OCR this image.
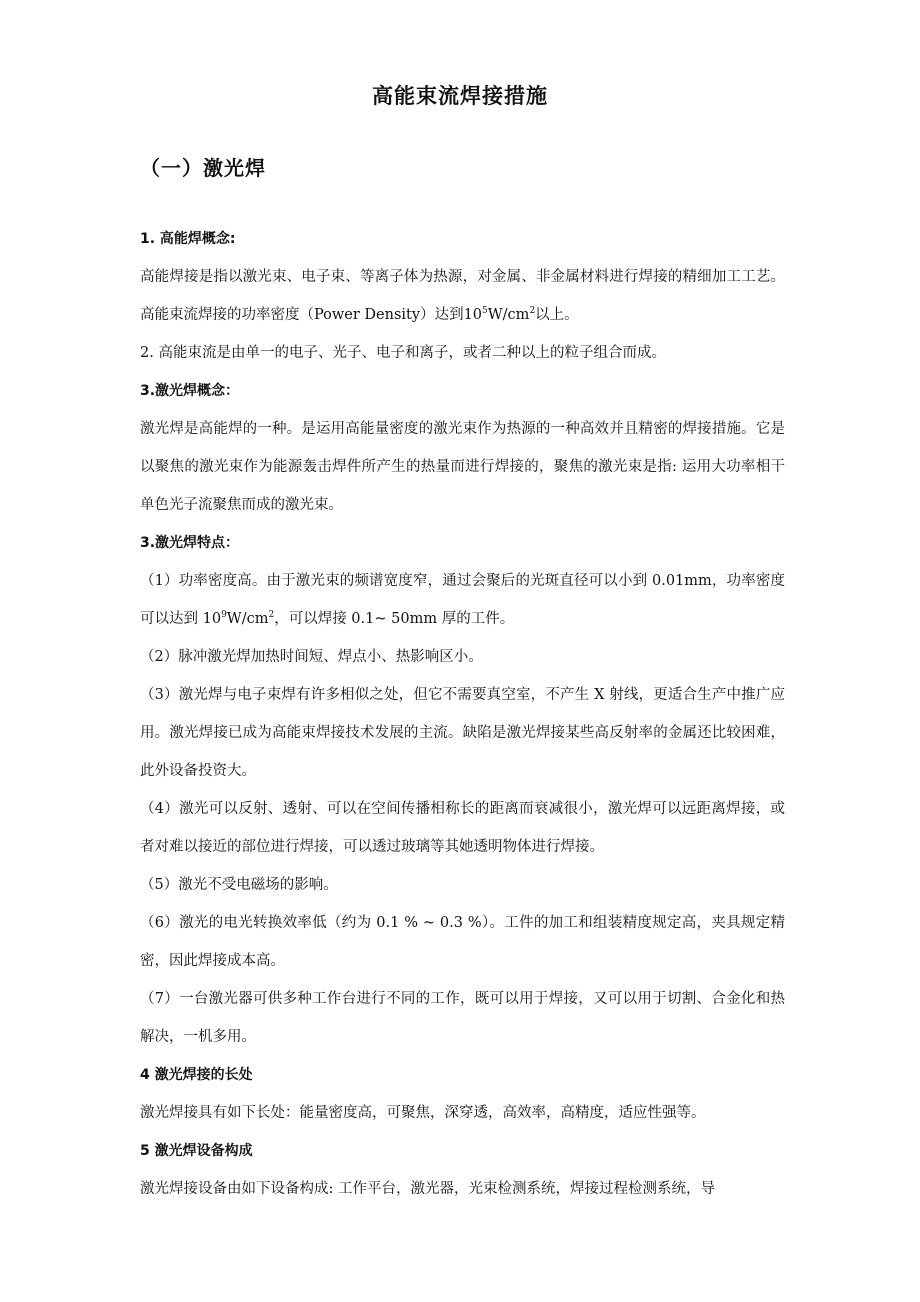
高能束流焊接措施
（一）激光焊

1. 高能焊概念:

高能焊接是指以激光束、电子束、等离子体为热源，对金属、非金属材料进行焊接的精细加工工艺。高能束流焊接的功率密度（Power Density）达到$10^5W/cm^2$以上。

2. 高能束流是由单一的电子、光子、电子和离子，或者二种以上的粒子组合而成。

3.激光焊概念：

激光焊是高能焊的一种。是运用高能量密度的激光束作为热源的一种高效并且精密的焊接措施。它是以聚焦的激光束作为能源轰击焊件所产生的热量而进行焊接的，聚焦的激光束是指: 运用大功率相干单色光子流聚焦而成的激光束。

3.激光焊特点：

（1）功率密度高。由于激光束的频谱宽度窄，通过会聚后的光斑直径可以小到 0.01mm，功率密度可以达到 $10^9W/cm^2$，可以焊接 0.1~ 50mm 厚的工件。

（2）脉冲激光焊加热时间短、焊点小、热影响区小。

（3）激光焊与电子束焊有许多相似之处，但它不需要真空室，不产生 X 射线，更适合生产中推广应用。激光焊接已成为高能束焊接技术发展的主流。缺陷是激光焊接某些高反射率的金属还比较困难，此外设备投资大。

（4）激光可以反射、透射、可以在空间传播相称长的距离而衰减很小，激光焊可以远距离焊接，或者对难以接近的部位进行焊接，可以透过玻璃等其她透明物体进行焊接。

（5）激光不受电磁场的影响。

（6）激光的电光转换效率低（约为 0.1 % ~ 0.3 %）。工件的加工和组装精度规定高，夹具规定精密，因此焊接成本高。

（7）一台激光器可供多种工作台进行不同的工作，既可以用于焊接，又可以用于切割、合金化和热解决，一机多用。

4 激光焊接的长处

激光焊接具有如下长处：能量密度高，可聚焦，深穿透，高效率，高精度，适应性强等。

5 激光焊设备构成

激光焊接设备由如下设备构成: 工作平台，激光器，光束检测系统，焊接过程检测系统，导
